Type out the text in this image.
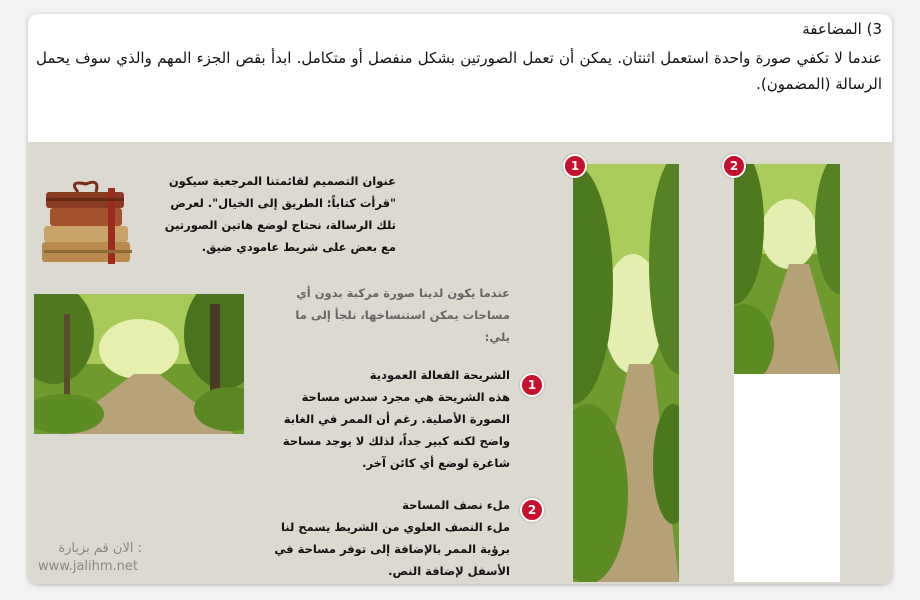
3) المضاعفة
عندما لا تكفي صورة واحدة استعمل اثنتان. يمكن أن تعمل الصورتين بشكل منفصل أو متكامل. ابدأ بقص الجزء المهم والذي سوف يحمل الرسالة (المضمون).
عنوان التصميم لقائمتنا المرجعية سيكون "قرأت كتاباً: الطريق إلى الخيال". لعرض تلك الرسالة، نحتاج لوضع هاتين الصورتين مع بعض على شريط عامودي ضيق.
عندما يكون لدينا صورة مركبة بدون أي مساحات يمكن استنساخها، نلجأ إلى ما يلي:
1
الشريحة الفعالة العمودية
هذه الشريحة هي مجرد سدس مساحة الصورة الأصلية. رغم أن الممر في الغابة واضح لكنه كبير جداً، لذلك لا يوجد مساحة شاغرة لوضع أي كائن آخر.
2
ملء نصف المساحة
ملء النصف العلوي من الشريط يسمح لنا برؤية الممر بالإضافة إلى توفر مساحة في الأسفل لإضافة النص.
1	2
الان قم بزيارة :
www.jalihm.net
